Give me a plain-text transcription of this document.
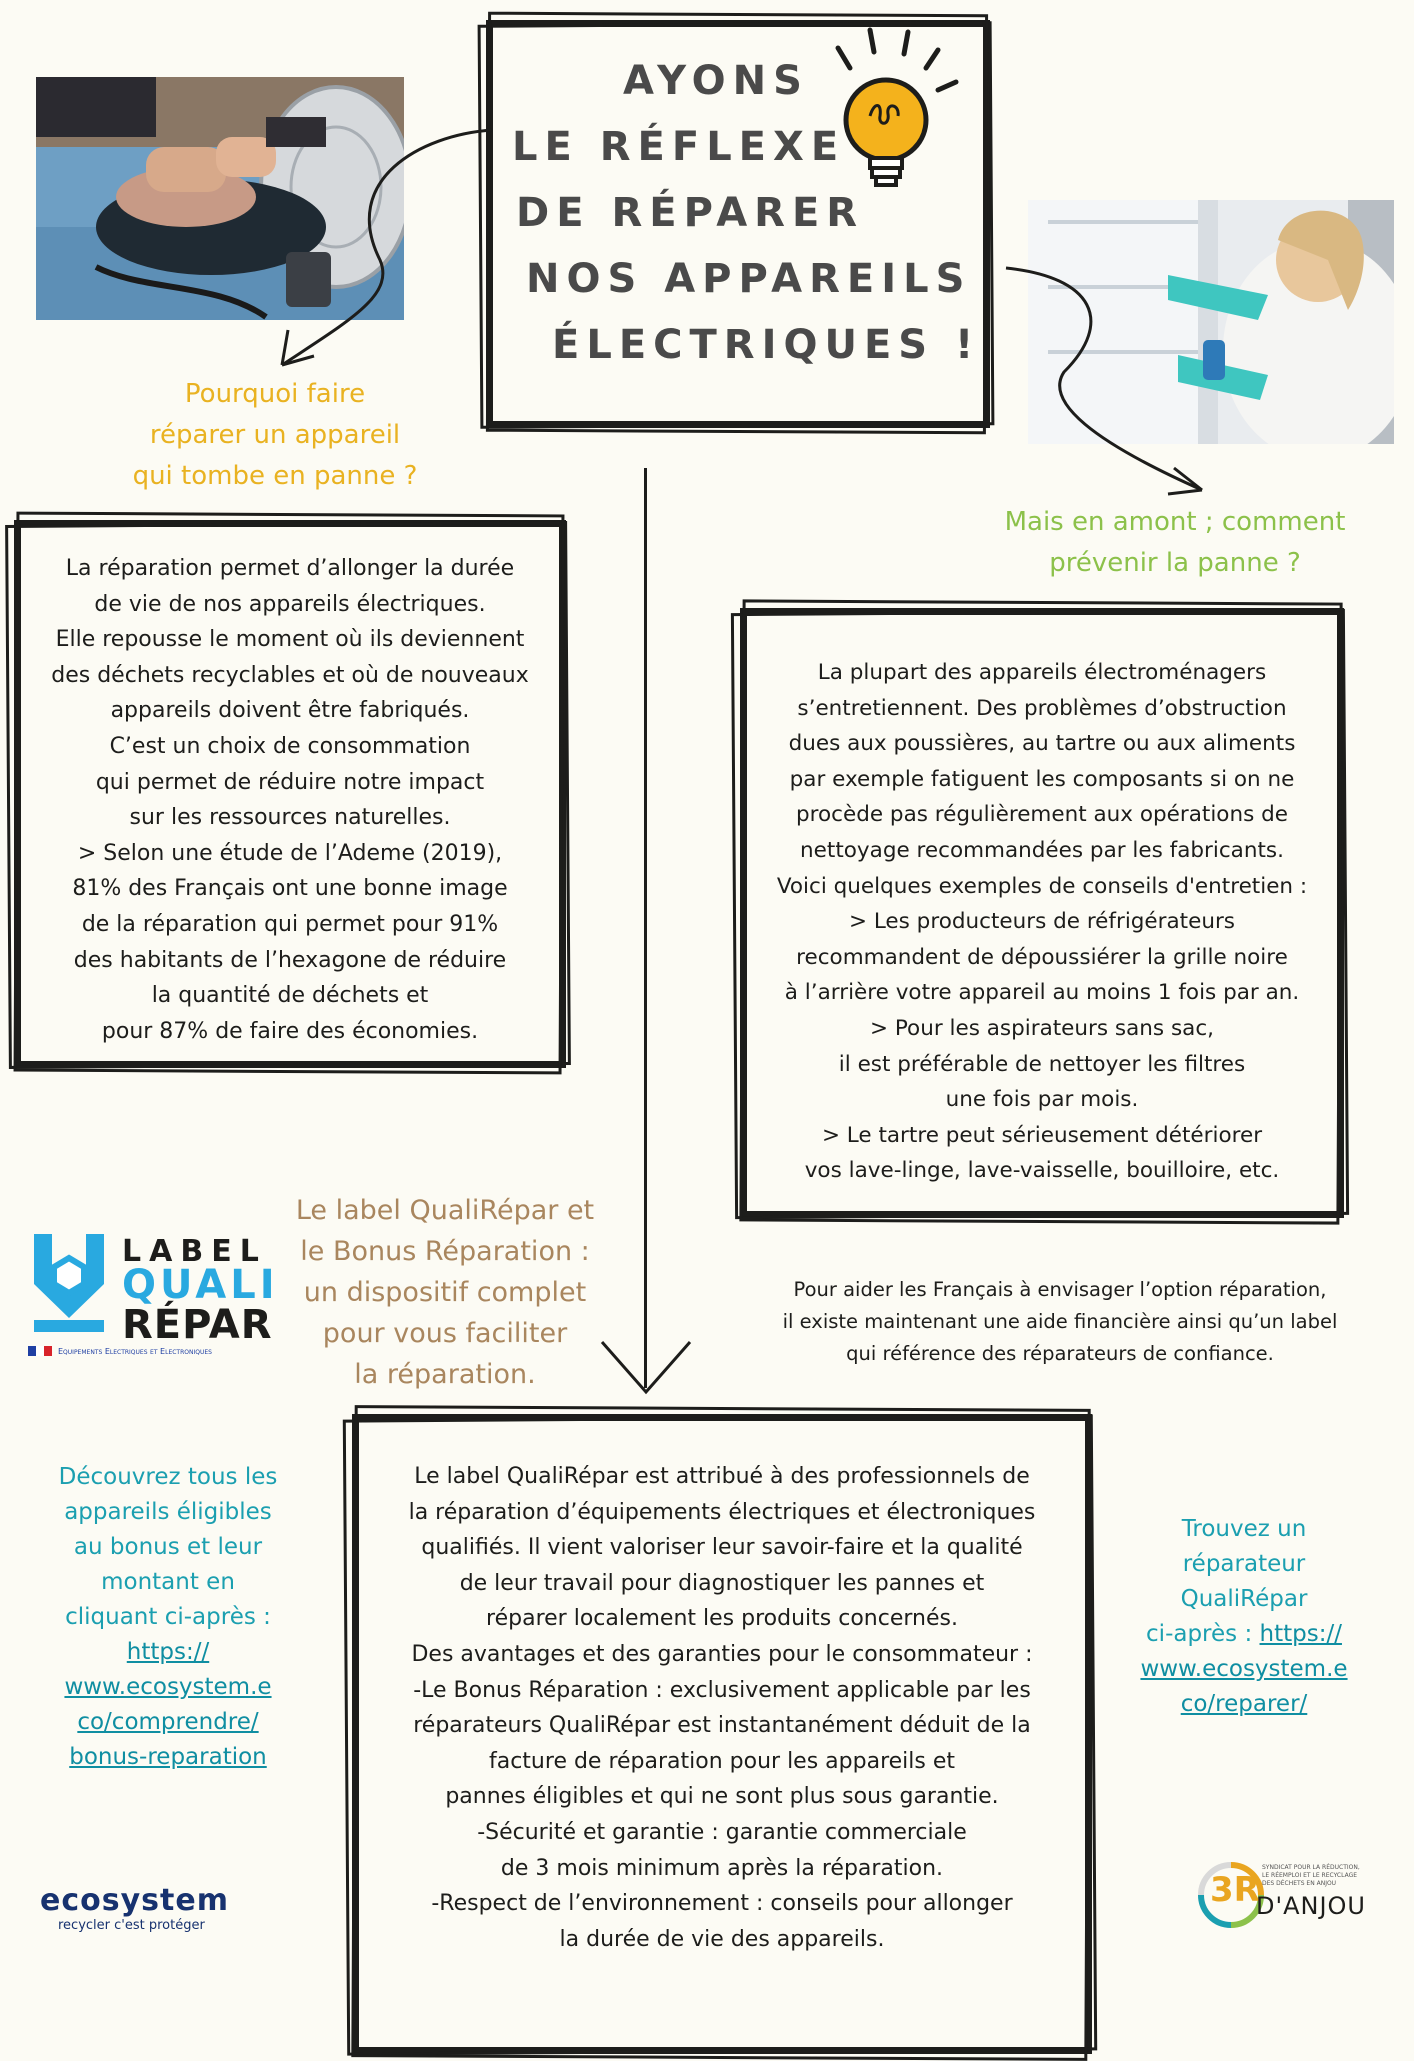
AYONS
LE RÉFLEXE
DE RÉPARER
NOS APPAREILS
ÉLECTRIQUES !
Pourquoi faire
réparer un appareil
qui tombe en panne ?
Mais en amont ; comment
prévenir la panne ?
La réparation permet d’allonger la durée
de vie de nos appareils électriques.
Elle repousse le moment où ils deviennent
des déchets recyclables et où de nouveaux
appareils doivent être fabriqués.
C’est un choix de consommation
qui permet de réduire notre impact
sur les ressources naturelles.
> Selon une étude de l’Ademe (2019),
81% des Français ont une bonne image
de la réparation qui permet pour 91%
des habitants de l’hexagone de réduire
la quantité de déchets et
pour 87% de faire des économies.
La plupart des appareils électroménagers
s’entretiennent. Des problèmes d’obstruction
dues aux poussières, au tartre ou aux aliments
par exemple fatiguent les composants si on ne
procède pas régulièrement aux opérations de
nettoyage recommandées par les fabricants.
Voici quelques exemples de conseils d'entretien :
> Les producteurs de réfrigérateurs
recommandent de dépoussiérer la grille noire
à l’arrière votre appareil au moins 1 fois par an.
> Pour les aspirateurs sans sac,
il est préférable de nettoyer les filtres
une fois par mois.
> Le tartre peut sérieusement détériorer
vos lave-linge, lave-vaisselle, bouilloire, etc.
LABEL
QUALI
RÉPAR
Equipements Electriques et Electroniques
Le label QualiRépar et
le Bonus Réparation :
un dispositif complet
pour vous faciliter
la réparation.
Pour aider les Français à envisager l’option réparation,
il existe maintenant une aide financière ainsi qu’un label
qui référence des réparateurs de confiance.
Le label QualiRépar est attribué à des professionnels de
la réparation d’équipements électriques et électroniques
qualifiés. Il vient valoriser leur savoir-faire et la qualité
de leur travail pour diagnostiquer les pannes et
réparer localement les produits concernés.
Des avantages et des garanties pour le consommateur :
-Le Bonus Réparation : exclusivement applicable par les
réparateurs QualiRépar est instantanément déduit de la
facture de réparation pour les appareils et
pannes éligibles et qui ne sont plus sous garantie.
-Sécurité et garantie : garantie commerciale
de 3 mois minimum après la réparation.
-Respect de l’environnement : conseils pour allonger
la durée de vie des appareils.
Découvrez tous les
appareils éligibles
au bonus et leur
montant en
cliquant ci-après :
https://
www.ecosystem.e
co/comprendre/
bonus-reparation
Trouvez un
réparateur
QualiRépar
ci-après : https://
www.ecosystem.e
co/reparer/
ecosystem
recycler c'est protéger
3R
SYNDICAT POUR LA RÉDUCTION,
LE RÉEMPLOI ET LE RECYCLAGE
DES DÉCHETS EN ANJOU
D'ANJOU
